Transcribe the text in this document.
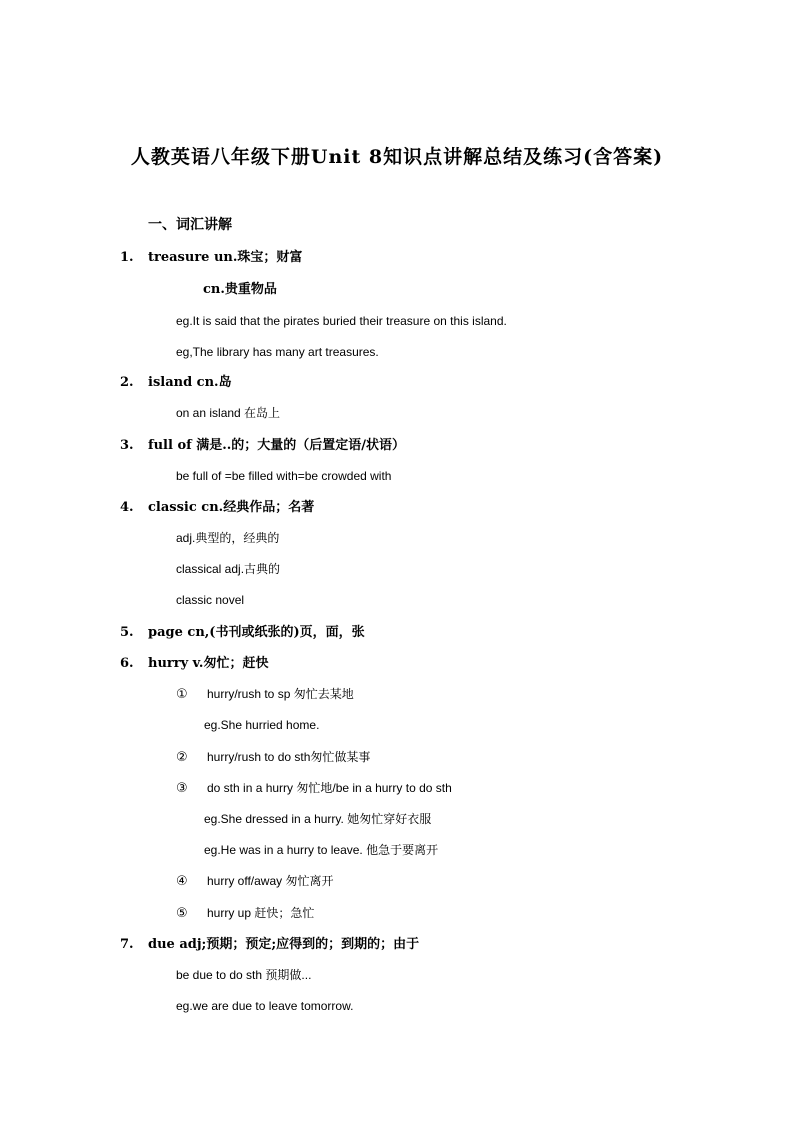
人教英语八年级下册Unit 8知识点讲解总结及练习(含答案)
一、词汇讲解
1. treasure un.珠宝；财富
cn.贵重物品
eg.It is said that the pirates buried their treasure on this island.
eg,The library has many art treasures.
2. island cn.岛
on an island 在岛上
3. full of 满是..的；大量的（后置定语/状语）
be full of =be filled with=be crowded with
4. classic cn.经典作品；名著
adj.典型的，经典的
classical adj.古典的
classic novel
5. page cn,(书刊或纸张的)页，面，张
6. hurry v.匆忙；赶快
① hurry/rush to sp 匆忙去某地
eg.She hurried home.
② hurry/rush to do sth匆忙做某事
③ do sth in a hurry 匆忙地/be in a hurry to do sth
eg.She dressed in a hurry. 她匆忙穿好衣服
eg.He was in a hurry to leave. 他急于要离开
④ hurry off/away 匆忙离开
⑤ hurry up 赶快；急忙
7. due adj;预期；预定;应得到的；到期的；由于
be due to do sth 预期做...
eg.we are due to leave tomorrow.
